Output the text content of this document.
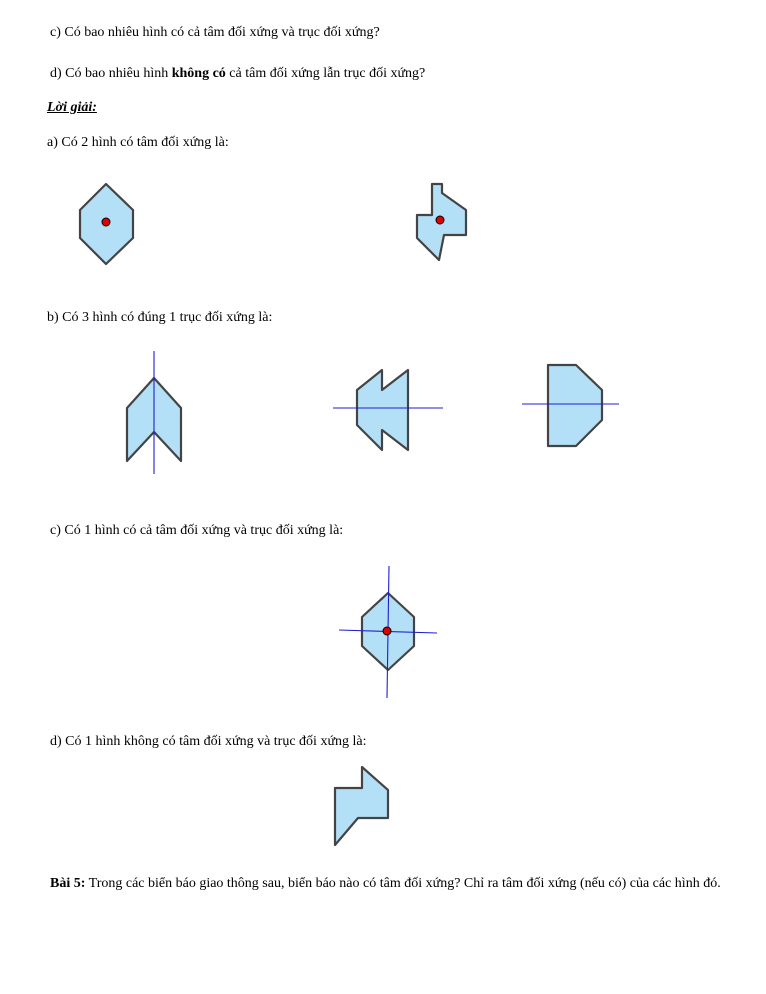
c) Có bao nhiêu hình có cả tâm đối xứng và trục đối xứng?
d) Có bao nhiêu hình không có cả tâm đối xứng lẫn trục đối xứng?
Lời giải:
a) Có 2 hình có tâm đối xứng là:
b) Có 3 hình có đúng 1 trục đối xứng là:
c) Có 1 hình có cả tâm đối xứng và trục đối xứng là:
d) Có 1 hình không có tâm đối xứng và trục đối xứng là:
Bài 5: Trong các biển báo giao thông sau, biển báo nào có tâm đối xứng? Chỉ ra tâm đối xứng (nếu có) của các hình đó.
